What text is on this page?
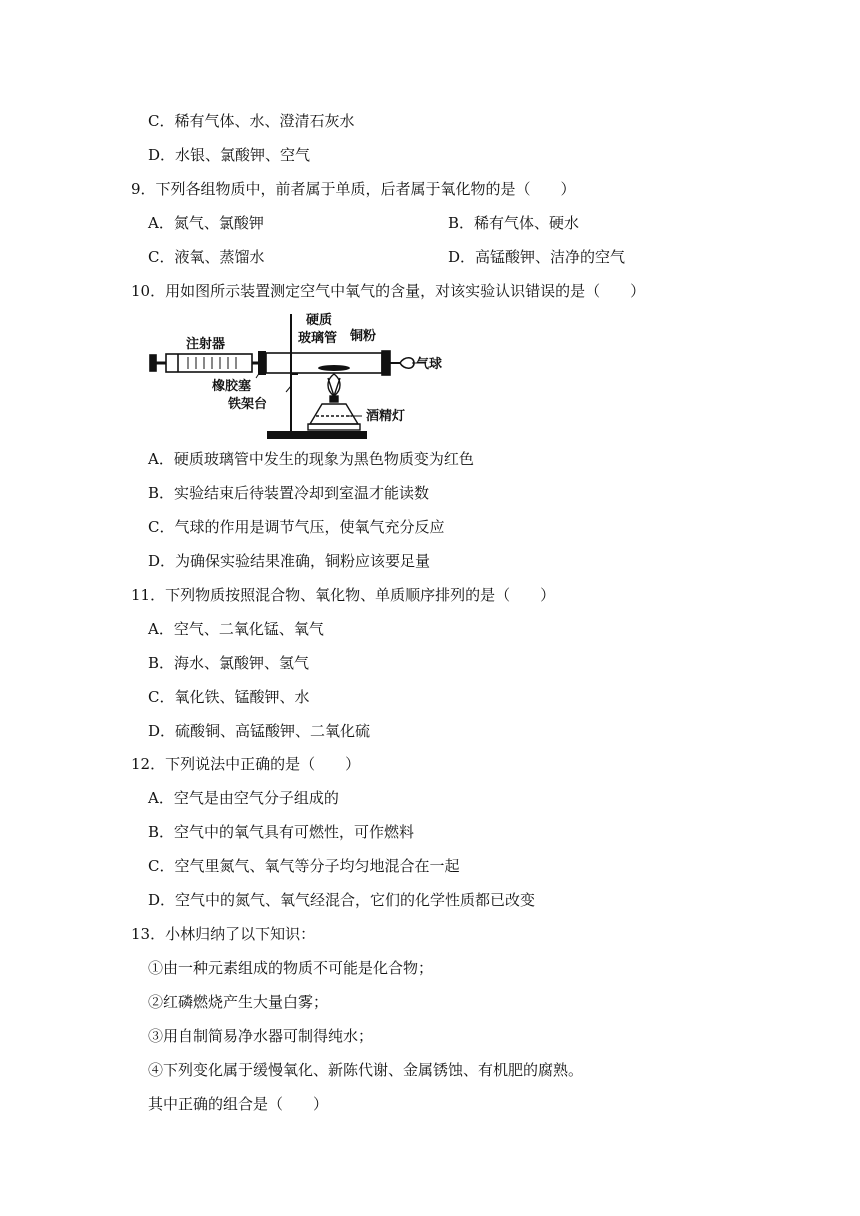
C．稀有气体、水、澄清石灰水
D．水银、氯酸钾、空气
9．下列各组物质中，前者属于单质，后者属于氧化物的是（　　）
A．氮气、氯酸钾	B．稀有气体、硬水
C．液氧、蒸馏水	D．高锰酸钾、洁净的空气
10．用如图所示装置测定空气中氧气的含量，对该实验认识错误的是（　　）
注射器
硬质
玻璃管 铜粉
气球
橡胶塞
铁架台
酒精灯
A．硬质玻璃管中发生的现象为黑色物质变为红色
B．实验结束后待装置冷却到室温才能读数
C．气球的作用是调节气压，使氧气充分反应
D．为确保实验结果准确，铜粉应该要足量
11．下列物质按照混合物、氧化物、单质顺序排列的是（　　）
A．空气、二氧化锰、氧气
B．海水、氯酸钾、氢气
C．氧化铁、锰酸钾、水
D．硫酸铜、高锰酸钾、二氧化硫
12．下列说法中正确的是（　　）
A．空气是由空气分子组成的
B．空气中的氧气具有可燃性，可作燃料
C．空气里氮气、氧气等分子均匀地混合在一起
D．空气中的氮气、氧气经混合，它们的化学性质都已改变
13．小林归纳了以下知识：
①由一种元素组成的物质不可能是化合物；
②红磷燃烧产生大量白雾；
③用自制简易净水器可制得纯水；
④下列变化属于缓慢氧化、新陈代谢、金属锈蚀、有机肥的腐熟。
其中正确的组合是（　　）
